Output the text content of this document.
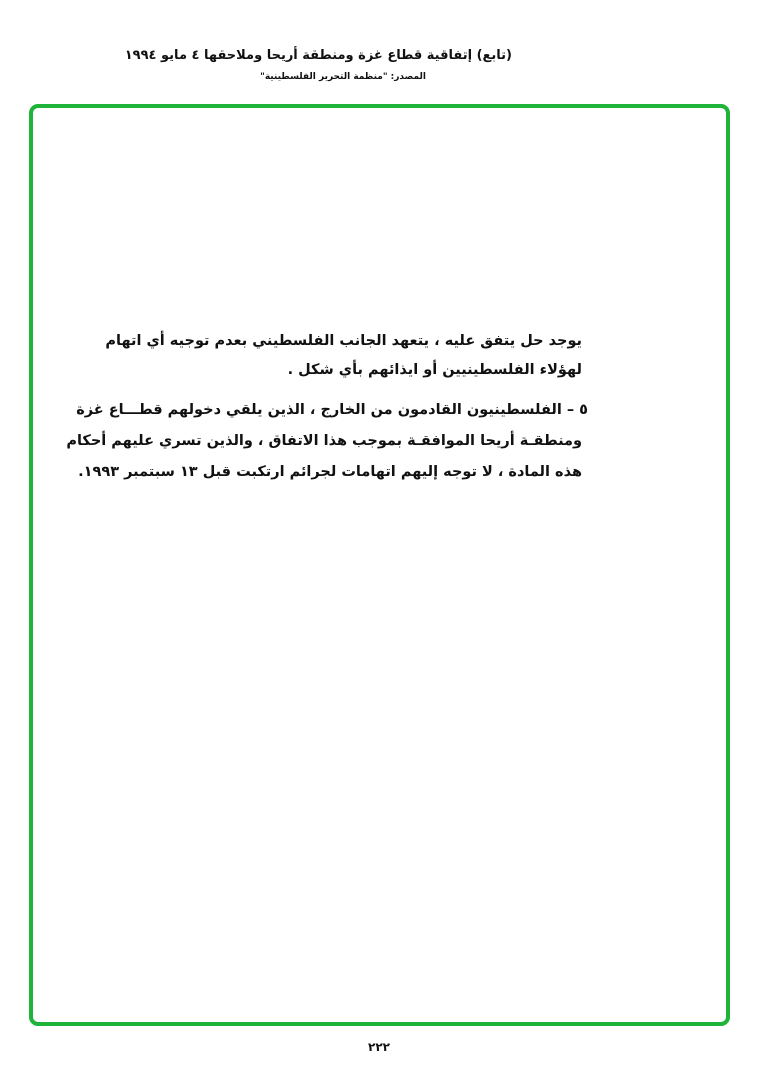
(تابع) إتفاقية قطاع غزة ومنطقة أريحا وملاحقها ٤ مايو ١٩٩٤
المصدر: "منظمة التحرير الفلسطينية"
يوجد حل يتفق عليه ، يتعهد الجانب الفلسطيني بعدم توجيه أي اتهام
لهؤلاء الفلسطينيين أو ايذائهم بأي شكل .
٥ – الفلسطينيون القادمون من الخارج ، الذين يلقي دخولهم قطـــاع غزة
ومنطقـة أريحا الموافقـة بموجب هذا الاتفاق ، والذين تسري عليهم أحكام
هذه المادة ، لا توجه إليهم اتهامات لجرائم ارتكبت قبل ١٣ سبتمبر ١٩٩٣.
٢٢٢
